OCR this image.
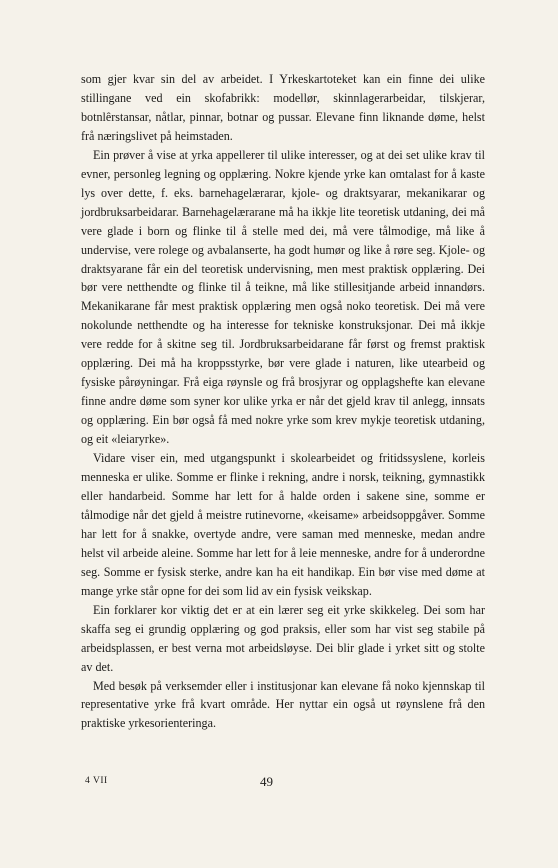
som gjer kvar sin del av arbeidet. I Yrkeskartoteket kan ein finne dei ulike stillingane ved ein skofabrikk: modellør, skinnlagerarbeidar, tilskjerar, botnlêrstansar, nåtlar, pinnar, botnar og pussar. Elevane finn liknande døme, helst frå næringslivet på heimstaden.

Ein prøver å vise at yrka appellerer til ulike interesser, og at dei set ulike krav til evner, personleg legning og opplæring. Nokre kjende yrke kan omtalast for å kaste lys over dette, f. eks. barnehagelærarar, kjole- og draktsyarar, mekanikarar og jordbruksarbeidarar. Barnehagelærarane må ha ikkje lite teoretisk utdaning, dei må vere glade i born og flinke til å stelle med dei, må vere tålmodige, må like å undervise, vere rolege og avbalanserte, ha godt humør og like å røre seg. Kjole- og draktsyarane får ein del teoretisk undervisning, men mest praktisk opplæring. Dei bør vere netthendte og flinke til å teikne, må like stillesitjande arbeid innandørs. Mekanikarane får mest praktisk opplæring men også noko teoretisk. Dei må vere nokolunde netthendte og ha interesse for tekniske konstruksjonar. Dei må ikkje vere redde for å skitne seg til. Jordbruksarbeidarane får først og fremst praktisk opplæring. Dei må ha kroppsstyrke, bør vere glade i naturen, like utearbeid og fysiske pårøyningar. Frå eiga røynsle og frå brosjyrar og opplagshefte kan elevane finne andre døme som syner kor ulike yrka er når det gjeld krav til anlegg, innsats og opplæring. Ein bør også få med nokre yrke som krev mykje teoretisk utdaning, og eit «leiaryrke».

Vidare viser ein, med utgangspunkt i skolearbeidet og fritidssyslene, korleis menneska er ulike. Somme er flinke i rekning, andre i norsk, teikning, gymnastikk eller handarbeid. Somme har lett for å halde orden i sakene sine, somme er tålmodige når det gjeld å meistre rutinevorne, «keisame» arbeidsoppgåver. Somme har lett for å snakke, overtyde andre, vere saman med menneske, medan andre helst vil arbeide aleine. Somme har lett for å leie menneske, andre for å underordne seg. Somme er fysisk sterke, andre kan ha eit handikap. Ein bør vise med døme at mange yrke står opne for dei som lid av ein fysisk veikskap.

Ein forklarer kor viktig det er at ein lærer seg eit yrke skikkeleg. Dei som har skaffa seg ei grundig opplæring og god praksis, eller som har vist seg stabile på arbeidsplassen, er best verna mot arbeidsløyse. Dei blir glade i yrket sitt og stolte av det.

Med besøk på verksemder eller i institusjonar kan elevane få noko kjennskap til representative yrke frå kvart område. Her nyttar ein også ut røynslene frå den praktiske yrkesorienteringa.

4 VII	49
